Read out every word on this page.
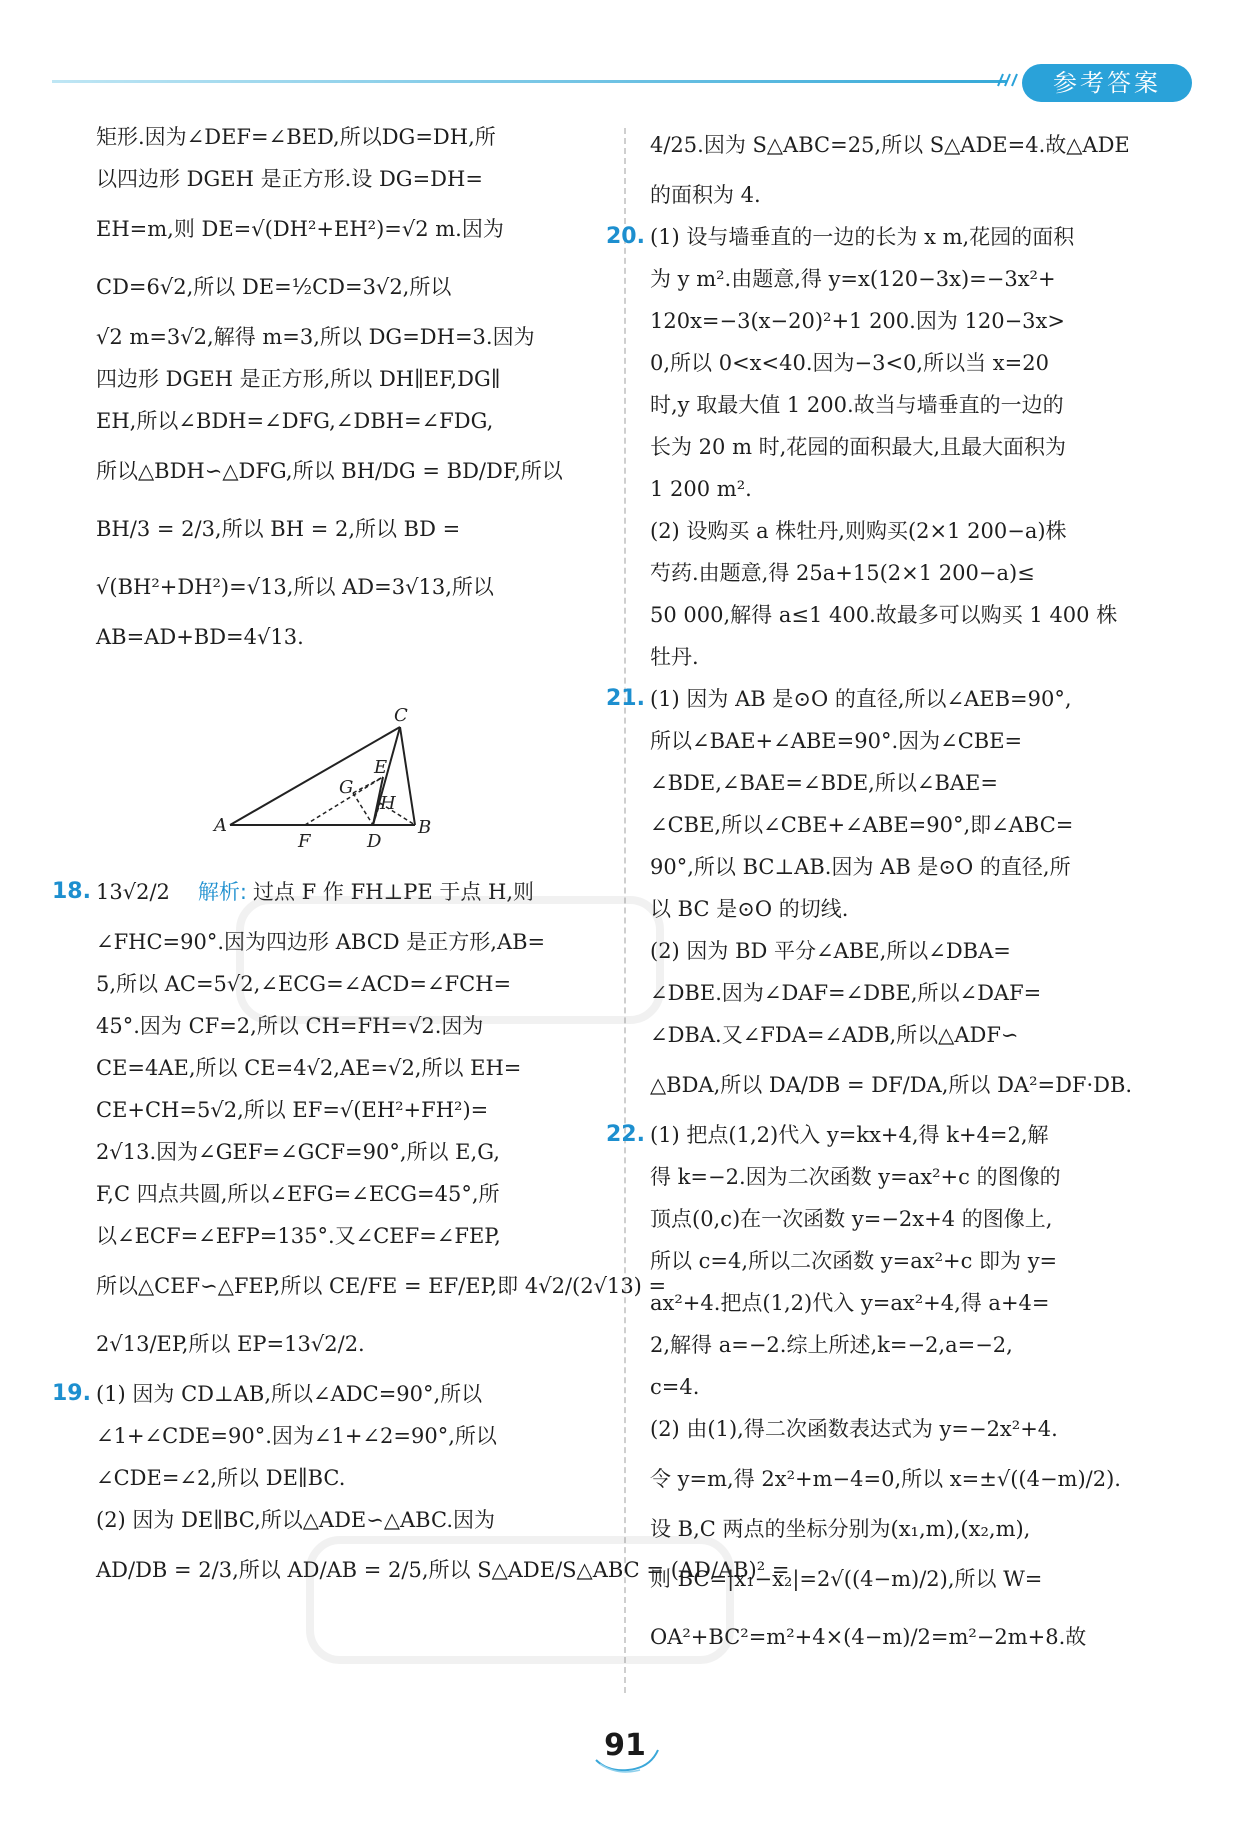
参考答案
矩形.因为∠DEF=∠BED,所以DG=DH,所
以四边形 DGEH 是正方形.设 DG=DH=
EH=m,则 DE=√(DH²+EH²)=√2 m.因为
CD=6√2,所以 DE=½CD=3√2,所以
√2 m=3√2,解得 m=3,所以 DG=DH=3.因为
四边形 DGEH 是正方形,所以 DH∥EF,DG∥
EH,所以∠BDH=∠DFG,∠DBH=∠FDG,
所以△BDH∽△DFG,所以 BH/DG = BD/DF,所以
BH/3 = 2/3,所以 BH = 2,所以 BD =
√(BH²+DH²)=√13,所以 AD=3√13,所以
AB=AD+BD=4√13.
18. 13√2/2 解析: 过点 F 作 FH⊥PE 于点 H,则
∠FHC=90°.因为四边形 ABCD 是正方形,AB=
5,所以 AC=5√2,∠ECG=∠ACD=∠FCH=
45°.因为 CF=2,所以 CH=FH=√2.因为
CE=4AE,所以 CE=4√2,AE=√2,所以 EH=
CE+CH=5√2,所以 EF=√(EH²+FH²)=
2√13.因为∠GEF=∠GCF=90°,所以 E,G,
F,C 四点共圆,所以∠EFG=∠ECG=45°,所
以∠ECF=∠EFP=135°.又∠CEF=∠FEP,
所以△CEF∽△FEP,所以 CE/FE = EF/EP,即 4√2/(2√13) =
2√13/EP,所以 EP=13√2/2.
19. (1) 因为 CD⊥AB,所以∠ADC=90°,所以
∠1+∠CDE=90°.因为∠1+∠2=90°,所以
∠CDE=∠2,所以 DE∥BC.
(2) 因为 DE∥BC,所以△ADE∽△ABC.因为
AD/DB = 2/3,所以 AD/AB = 2/5,所以 S△ADE/S△ABC = (AD/AB)² =
C
A	B
D
F
E
G
H
4/25.因为 S△ABC=25,所以 S△ADE=4.故△ADE
的面积为 4.
20. (1) 设与墙垂直的一边的长为 x m,花园的面积
为 y m².由题意,得 y=x(120−3x)=−3x²+
120x=−3(x−20)²+1 200.因为 120−3x>
0,所以 0<x<40.因为−3<0,所以当 x=20
时,y 取最大值 1 200.故当与墙垂直的一边的
长为 20 m 时,花园的面积最大,且最大面积为
1 200 m².
(2) 设购买 a 株牡丹,则购买(2×1 200−a)株
芍药.由题意,得 25a+15(2×1 200−a)≤
50 000,解得 a≤1 400.故最多可以购买 1 400 株
牡丹.
21. (1) 因为 AB 是⊙O 的直径,所以∠AEB=90°,
所以∠BAE+∠ABE=90°.因为∠CBE=
∠BDE,∠BAE=∠BDE,所以∠BAE=
∠CBE,所以∠CBE+∠ABE=90°,即∠ABC=
90°,所以 BC⊥AB.因为 AB 是⊙O 的直径,所
以 BC 是⊙O 的切线.
(2) 因为 BD 平分∠ABE,所以∠DBA=
∠DBE.因为∠DAF=∠DBE,所以∠DAF=
∠DBA.又∠FDA=∠ADB,所以△ADF∽
△BDA,所以 DA/DB = DF/DA,所以 DA²=DF·DB.
22. (1) 把点(1,2)代入 y=kx+4,得 k+4=2,解
得 k=−2.因为二次函数 y=ax²+c 的图像的
顶点(0,c)在一次函数 y=−2x+4 的图像上,
所以 c=4,所以二次函数 y=ax²+c 即为 y=
ax²+4.把点(1,2)代入 y=ax²+4,得 a+4=
2,解得 a=−2.综上所述,k=−2,a=−2,
c=4.
(2) 由(1),得二次函数表达式为 y=−2x²+4.
令 y=m,得 2x²+m−4=0,所以 x=±√((4−m)/2).
设 B,C 两点的坐标分别为(x₁,m),(x₂,m),
则 BC=|x₁−x₂|=2√((4−m)/2),所以 W=
OA²+BC²=m²+4×(4−m)/2=m²−2m+8.故
91
